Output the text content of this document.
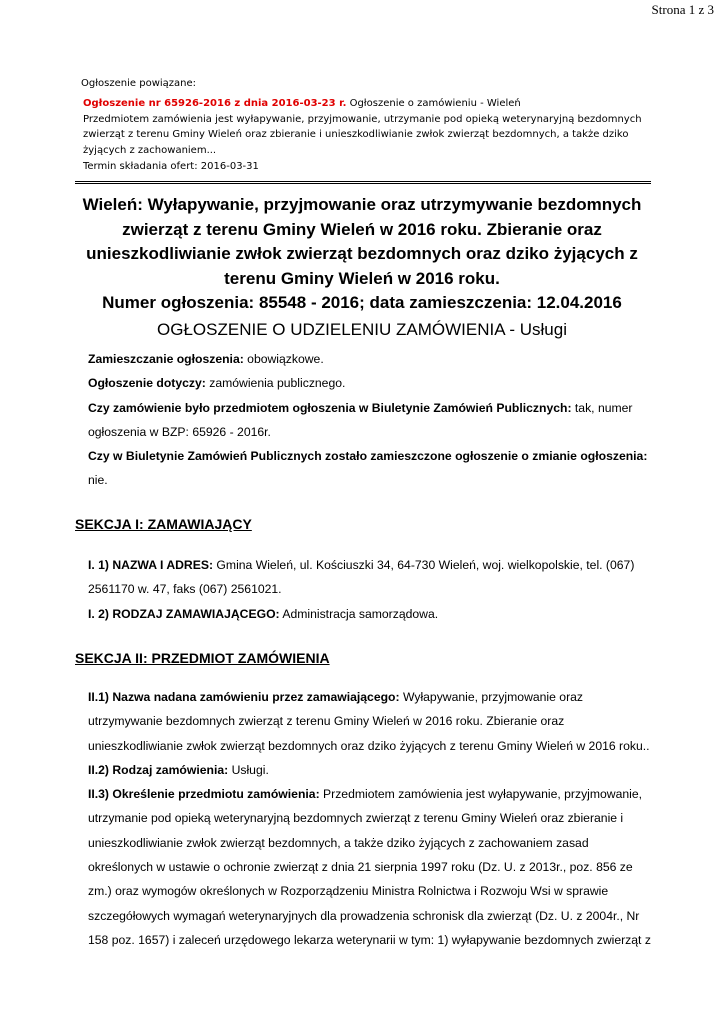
Strona 1 z 3
Ogłoszenie powiązane:
Ogłoszenie nr 65926-2016 z dnia 2016-03-23 r. Ogłoszenie o zamówieniu - Wieleń
Przedmiotem zamówienia jest wyłapywanie, przyjmowanie, utrzymanie pod opieką weterynaryjną bezdomnych zwierząt z terenu Gminy Wieleń oraz zbieranie i unieszkodliwianie zwłok zwierząt bezdomnych, a także dziko żyjących z zachowaniem...
Termin składania ofert: 2016-03-31
Wieleń: Wyłapywanie, przyjmowanie oraz utrzymywanie bezdomnych
zwierząt z terenu Gminy Wieleń w 2016 roku. Zbieranie oraz
unieszkodliwianie zwłok zwierząt bezdomnych oraz dziko żyjących z
terenu Gminy Wieleń w 2016 roku.
Numer ogłoszenia: 85548 - 2016; data zamieszczenia: 12.04.2016
OGŁOSZENIE O UDZIELENIU ZAMÓWIENIA - Usługi

Zamieszczanie ogłoszenia: obowiązkowe.

Ogłoszenie dotyczy: zamówienia publicznego.

Czy zamówienie było przedmiotem ogłoszenia w Biuletynie Zamówień Publicznych: tak, numer ogłoszenia w BZP: 65926 - 2016r.

Czy w Biuletynie Zamówień Publicznych zostało zamieszczone ogłoszenie o zmianie ogłoszenia: nie.

SEKCJA I: ZAMAWIAJĄCY

I. 1) NAZWA I ADRES: Gmina Wieleń, ul. Kościuszki 34, 64-730 Wieleń, woj. wielkopolskie, tel. (067) 2561170 w. 47, faks (067) 2561021.

I. 2) RODZAJ ZAMAWIAJĄCEGO: Administracja samorządowa.

SEKCJA II: PRZEDMIOT ZAMÓWIENIA

II.1) Nazwa nadana zamówieniu przez zamawiającego: Wyłapywanie, przyjmowanie oraz utrzymywanie bezdomnych zwierząt z terenu Gminy Wieleń w 2016 roku. Zbieranie oraz unieszkodliwianie zwłok zwierząt bezdomnych oraz dziko żyjących z terenu Gminy Wieleń w 2016 roku..

II.2) Rodzaj zamówienia: Usługi.

II.3) Określenie przedmiotu zamówienia: Przedmiotem zamówienia jest wyłapywanie, przyjmowanie, utrzymanie pod opieką weterynaryjną bezdomnych zwierząt z terenu Gminy Wieleń oraz zbieranie i unieszkodliwianie zwłok zwierząt bezdomnych, a także dziko żyjących z zachowaniem zasad określonych w ustawie o ochronie zwierząt z dnia 21 sierpnia 1997 roku (Dz. U. z 2013r., poz. 856 ze zm.) oraz wymogów określonych w Rozporządzeniu Ministra Rolnictwa i Rozwoju Wsi w sprawie szczegółowych wymagań weterynaryjnych dla prowadzenia schronisk dla zwierząt (Dz. U. z 2004r., Nr 158 poz. 1657) i zaleceń urzędowego lekarza weterynarii w tym: 1) wyłapywanie bezdomnych zwierząt z
